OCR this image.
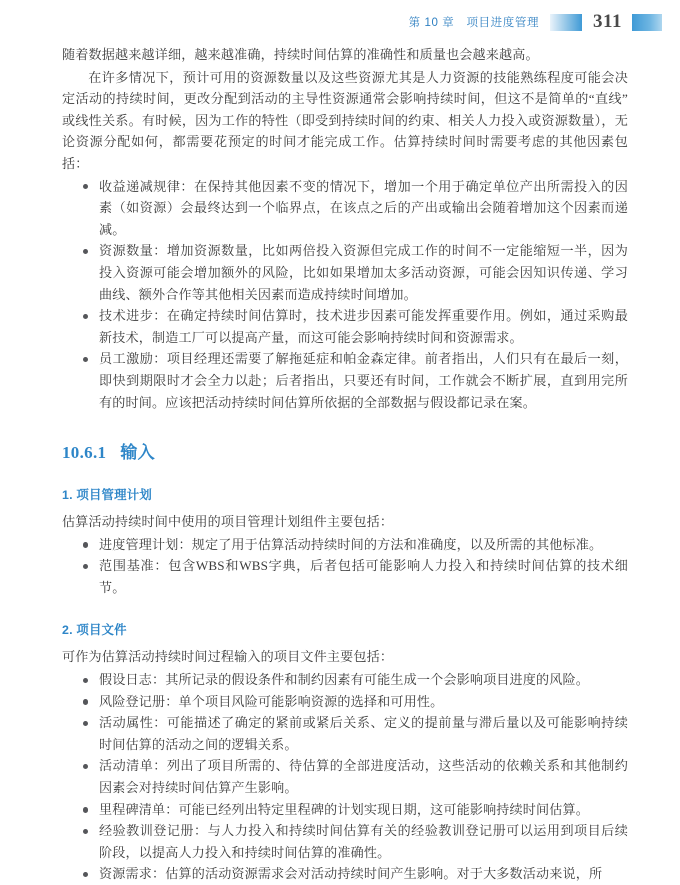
第 10 章　项目进度管理	311

随着数据越来越详细，越来越准确，持续时间估算的准确性和质量也会越来越高。

在许多情况下，预计可用的资源数量以及这些资源尤其是人力资源的技能熟练程度可能会决定活动的持续时间，更改分配到活动的主导性资源通常会影响持续时间，但这不是简单的“直线”或线性关系。有时候，因为工作的特性（即受到持续时间的约束、相关人力投入或资源数量），无论资源分配如何，都需要花预定的时间才能完成工作。估算持续时间时需要考虑的其他因素包括：

收益递减规律：在保持其他因素不变的情况下，增加一个用于确定单位产出所需投入的因素（如资源）会最终达到一个临界点，在该点之后的产出或输出会随着增加这个因素而递减。
资源数量：增加资源数量，比如两倍投入资源但完成工作的时间不一定能缩短一半，因为投入资源可能会增加额外的风险，比如如果增加太多活动资源，可能会因知识传递、学习曲线、额外合作等其他相关因素而造成持续时间增加。
技术进步：在确定持续时间估算时，技术进步因素可能发挥重要作用。例如，通过采购最新技术，制造工厂可以提高产量，而这可能会影响持续时间和资源需求。
员工激励：项目经理还需要了解拖延症和帕金森定律。前者指出，人们只有在最后一刻，即快到期限时才会全力以赴；后者指出，只要还有时间，工作就会不断扩展，直到用完所有的时间。应该把活动持续时间估算所依据的全部数据与假设都记录在案。
10.6.1 输入
1. 项目管理计划

估算活动持续时间中使用的项目管理计划组件主要包括：

进度管理计划：规定了用于估算活动持续时间的方法和准确度，以及所需的其他标准。
范围基准：包含WBS和WBS字典，后者包括可能影响人力投入和持续时间估算的技术细节。
2. 项目文件

可作为估算活动持续时间过程输入的项目文件主要包括：

假设日志：其所记录的假设条件和制约因素有可能生成一个会影响项目进度的风险。
风险登记册：单个项目风险可能影响资源的选择和可用性。
活动属性：可能描述了确定的紧前或紧后关系、定义的提前量与滞后量以及可能影响持续时间估算的活动之间的逻辑关系。
活动清单：列出了项目所需的、待估算的全部进度活动，这些活动的依赖关系和其他制约因素会对持续时间估算产生影响。
里程碑清单：可能已经列出特定里程碑的计划实现日期，这可能影响持续时间估算。
经验教训登记册：与人力投入和持续时间估算有关的经验教训登记册可以运用到项目后续阶段，以提高人力投入和持续时间估算的准确性。
资源需求：估算的活动资源需求会对活动持续时间产生影响。对于大多数活动来说，所
